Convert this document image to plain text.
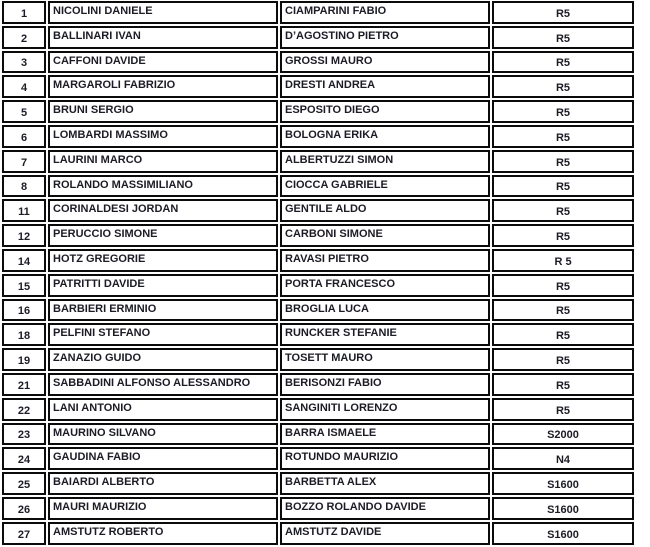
1	NICOLINI DANIELE	CIAMPARINI FABIO	R5
2	BALLINARI IVAN	D’AGOSTINO PIETRO	R5
3	CAFFONI DAVIDE	GROSSI MAURO	R5
4	MARGAROLI FABRIZIO	DRESTI ANDREA	R5
5	BRUNI SERGIO	ESPOSITO DIEGO	R5
6	LOMBARDI MASSIMO	BOLOGNA ERIKA	R5
7	LAURINI MARCO	ALBERTUZZI SIMON	R5
8	ROLANDO MASSIMILIANO	CIOCCA GABRIELE	R5
11	CORINALDESI JORDAN	GENTILE ALDO	R5
12	PERUCCIO SIMONE	CARBONI SIMONE	R5
14	HOTZ GREGORIE	RAVASI PIETRO	R 5
15	PATRITTI DAVIDE	PORTA FRANCESCO	R5
16	BARBIERI ERMINIO	BROGLIA LUCA	R5
18	PELFINI STEFANO	RUNCKER STEFANIE	R5
19	ZANAZIO GUIDO	TOSETT MAURO	R5
21	SABBADINI ALFONSO ALESSANDRO	BERISONZI FABIO	R5
22	LANI ANTONIO	SANGINITI LORENZO	R5
23	MAURINO SILVANO	BARRA ISMAELE	S2000
24	GAUDINA FABIO	ROTUNDO MAURIZIO	N4
25	BAIARDI ALBERTO	BARBETTA ALEX	S1600
26	MAURI MAURIZIO	BOZZO ROLANDO DAVIDE	S1600
27	AMSTUTZ ROBERTO	AMSTUTZ DAVIDE	S1600
